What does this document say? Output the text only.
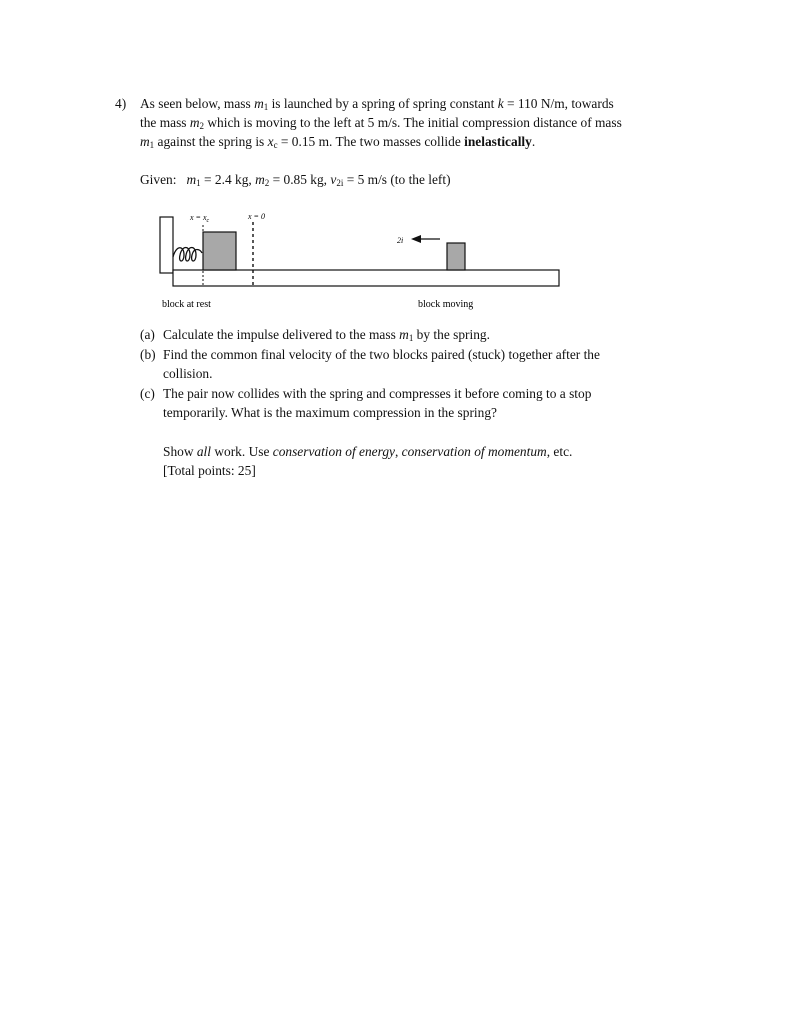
4) As seen below, mass $m_1$ is launched by a spring of spring constant k = 110 N/m, towards
the mass $m_2$ which is moving to the left at 5 m/s. The initial compression distance of mass
$m_1$ against the spring is $x_c = 0.15$ m. The two masses collide inelastically.
Given: $m_1 = 2.4$ kg, $m_2 = 0.85$ kg, $v_{2i} = 5$ m/s (to the left)
$x = x_c$	x = 0
2i
block at rest	block moving
(a) Calculate the impulse delivered to the mass $m_1$ by the spring.
(b) Find the common final velocity of the two blocks paired (stuck) together after the
collision.
(c) The pair now collides with the spring and compresses it before coming to a stop
temporarily. What is the maximum compression in the spring?
Show all work. Use conservation of energy, conservation of momentum, etc.
[Total points: 25]
